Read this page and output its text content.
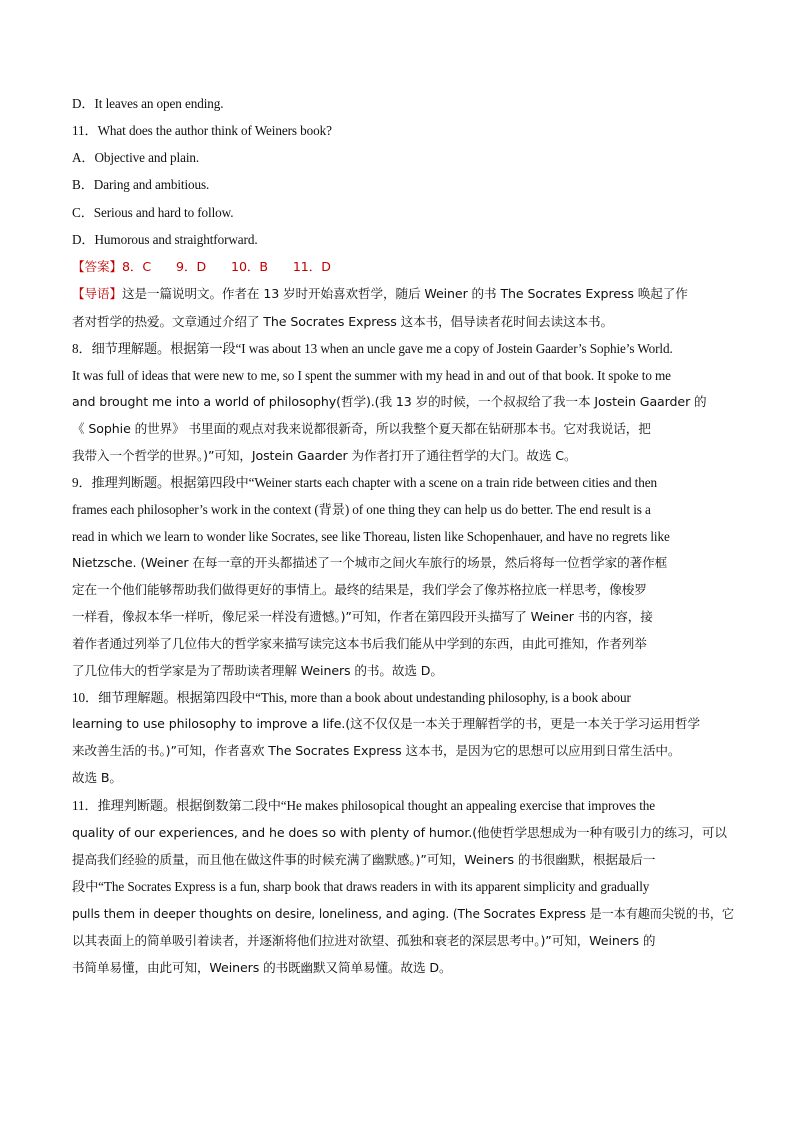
D．It leaves an open ending.
11．What does the author think of Weiners book?
A．Objective and plain.
B．Daring and ambitious.
C．Serious and hard to follow.
D．Humorous and straightforward.
【答案】8．C　　9．D　　10．B　　11．D
【导语】这是一篇说明文。作者在 13 岁时开始喜欢哲学，随后 Weiner 的书 The Socrates Express 唤起了作
者对哲学的热爱。文章通过介绍了 The Socrates Express 这本书，倡导读者花时间去读这本书。
8．细节理解题。根据第一段“I was about 13 when an uncle gave me a copy of Jostein Gaarder’s Sophie’s World.
It was full of ideas that were new to me, so I spent the summer with my head in and out of that book. It spoke to me
and brought me into a world of philosophy(哲学).(我 13 岁的时候，一个叔叔给了我一本 Jostein Gaarder 的
《 Sophie 的世界》 书里面的观点对我来说都很新奇，所以我整个夏天都在钻研那本书。它对我说话，把
我带入一个哲学的世界。)”可知，Jostein Gaarder 为作者打开了通往哲学的大门。故选 C。
9．推理判断题。根据第四段中“Weiner starts each chapter with a scene on a train ride between cities and then
frames each philosopher’s work in the context (背景) of one thing they can help us do better. The end result is a
read in which we learn to wonder like Socrates, see like Thoreau, listen like Schopenhauer, and have no regrets like
Nietzsche. (Weiner 在每一章的开头都描述了一个城市之间火车旅行的场景，然后将每一位哲学家的著作框
定在一个他们能够帮助我们做得更好的事情上。最终的结果是，我们学会了像苏格拉底一样思考，像梭罗
一样看，像叔本华一样听，像尼采一样没有遗憾。)”可知，作者在第四段开头描写了 Weiner 书的内容，接
着作者通过列举了几位伟大的哲学家来描写读完这本书后我们能从中学到的东西，由此可推知，作者列举
了几位伟大的哲学家是为了帮助读者理解 Weiners 的书。故选 D。
10．细节理解题。根据第四段中“This, more than a book about undestanding philosophy, is a book abour
learning to use philosophy to improve a life.(这不仅仅是一本关于理解哲学的书，更是一本关于学习运用哲学
来改善生活的书。)”可知，作者喜欢 The Socrates Express 这本书，是因为它的思想可以应用到日常生活中。
故选 B。
11．推理判断题。根据倒数第二段中“He makes philosopical thought an appealing exercise that improves the
quality of our experiences, and he does so with plenty of humor.(他使哲学思想成为一种有吸引力的练习，可以
提高我们经验的质量，而且他在做这件事的时候充满了幽默感。)”可知，Weiners 的书很幽默，根据最后一
段中“The Socrates Express is a fun, sharp book that draws readers in with its apparent simplicity and gradually
pulls them in deeper thoughts on desire, loneliness, and aging. (The Socrates Express 是一本有趣而尖锐的书，它
以其表面上的简单吸引着读者，并逐渐将他们拉进对欲望、孤独和衰老的深层思考中。)”可知，Weiners 的
书简单易懂，由此可知，Weiners 的书既幽默又简单易懂。故选 D。
